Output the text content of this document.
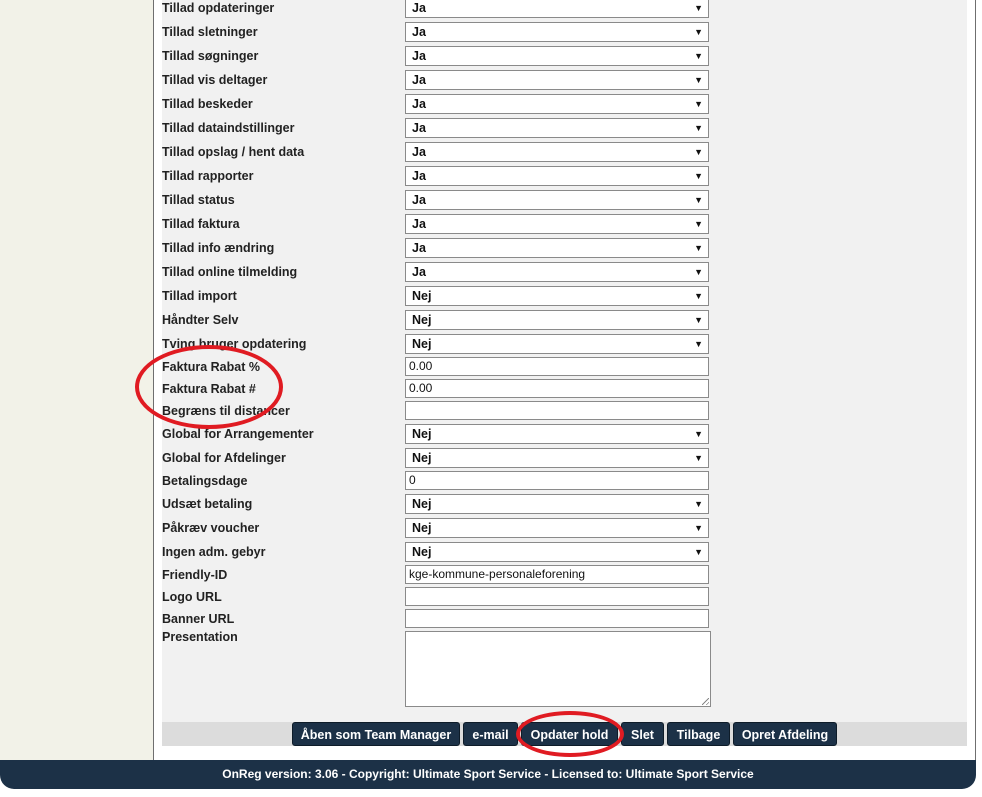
Tillad opdateringer	Ja	▼
Tillad sletninger	Ja	▼
Tillad søgninger	Ja	▼
Tillad vis deltager	Ja	▼
Tillad beskeder	Ja	▼
Tillad dataindstillinger	Ja	▼
Tillad opslag / hent data	Ja	▼
Tillad rapporter	Ja	▼
Tillad status	Ja	▼
Tillad faktura	Ja	▼
Tillad info ændring	Ja	▼
Tillad online tilmelding	Ja	▼
Tillad import	Nej	▼
Håndter Selv	Nej	▼
Tving bruger opdatering	Nej	▼
Faktura Rabat %	0.00
Faktura Rabat #	0.00
Begræns til distancer
Global for Arrangementer	Nej	▼
Global for Afdelinger	Nej	▼
Betalingsdage	0
Udsæt betaling	Nej	▼
Påkræv voucher	Nej	▼
Ingen adm. gebyr	Nej	▼
Friendly-ID	kge-kommune-personaleforening
Logo URL
Banner URL
Presentation
Åben som Team Manager	e-mail	Opdater hold	Slet	Tilbage	Opret Afdeling
OnReg version: 3.06 - Copyright: Ultimate Sport Service - Licensed to: Ultimate Sport Service
